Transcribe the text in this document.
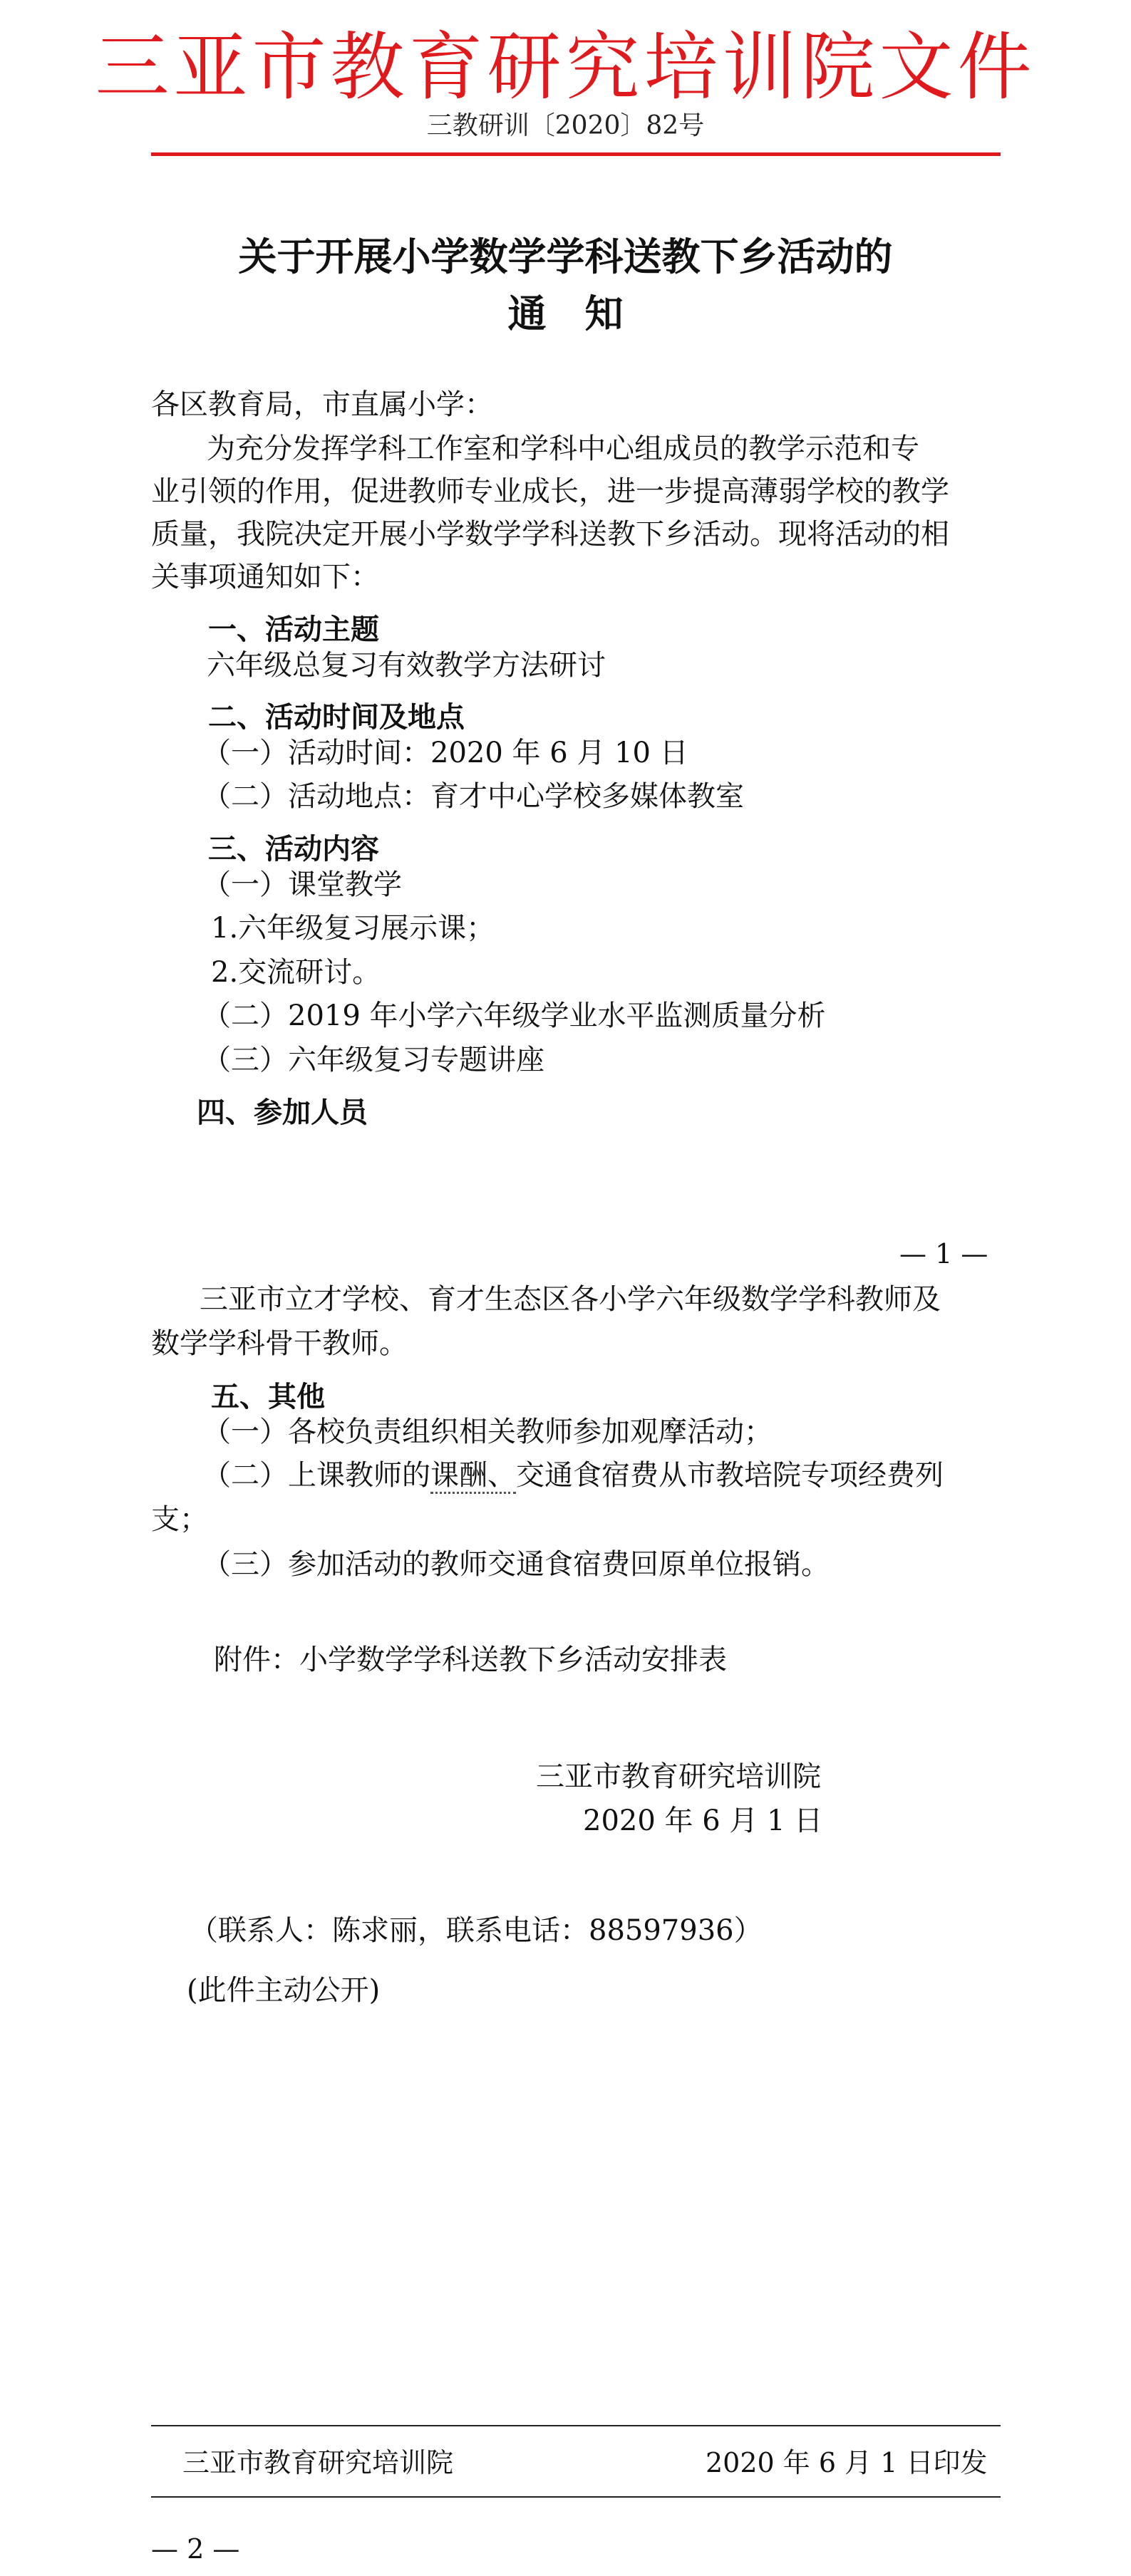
三亚市教育研究培训院文件
三教研训〔2020〕82号
关于开展小学数学学科送教下乡活动的
通　知
各区教育局，市直属小学：
为充分发挥学科工作室和学科中心组成员的教学示范和专
业引领的作用，促进教师专业成长，进一步提高薄弱学校的教学
质量，我院决定开展小学数学学科送教下乡活动。现将活动的相
关事项通知如下：
一、活动主题
六年级总复习有效教学方法研讨
二、活动时间及地点
（一）活动时间：2020 年 6 月 10 日
（二）活动地点：育才中心学校多媒体教室
三、活动内容
（一）课堂教学
1.六年级复习展示课；
2.交流研讨。
（二）2019 年小学六年级学业水平监测质量分析
（三）六年级复习专题讲座
四、参加人员
— 1 —
三亚市立才学校、育才生态区各小学六年级数学学科教师及
数学学科骨干教师。
五、其他
（一）各校负责组织相关教师参加观摩活动；
（二）上课教师的课酬、交通食宿费从市教培院专项经费列
支；
（三）参加活动的教师交通食宿费回原单位报销。
附件：小学数学学科送教下乡活动安排表
三亚市教育研究培训院
2020 年 6 月 1 日
（联系人：陈求丽，联系电话：88597936）
(此件主动公开)
三亚市教育研究培训院	2020 年 6 月 1 日印发
— 2 —
